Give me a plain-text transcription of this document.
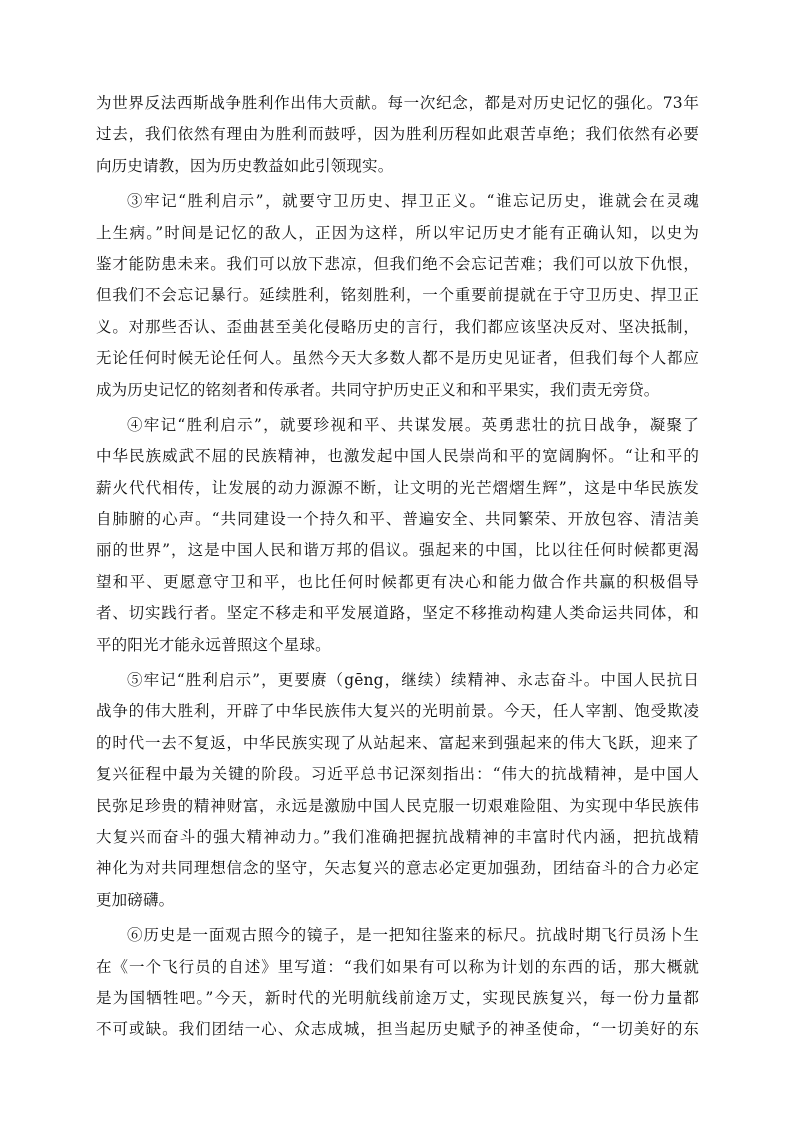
为世界反法西斯战争胜利作出伟大贡献。每一次纪念，都是对历史记忆的强化。73年
过去，我们依然有理由为胜利而鼓呼，因为胜利历程如此艰苦卓绝；我们依然有必要
向历史请教，因为历史教益如此引领现实。
③牢记“胜利启示”，就要守卫历史、捍卫正义。“谁忘记历史，谁就会在灵魂
上生病。”时间是记忆的敌人，正因为这样，所以牢记历史才能有正确认知，以史为
鉴才能防患未来。我们可以放下悲凉，但我们绝不会忘记苦难；我们可以放下仇恨，
但我们不会忘记暴行。延续胜利，铭刻胜利，一个重要前提就在于守卫历史、捍卫正
义。对那些否认、歪曲甚至美化侵略历史的言行，我们都应该坚决反对、坚决抵制，
无论任何时候无论任何人。虽然今天大多数人都不是历史见证者，但我们每个人都应
成为历史记忆的铭刻者和传承者。共同守护历史正义和和平果实，我们责无旁贷。
④牢记“胜利启示”，就要珍视和平、共谋发展。英勇悲壮的抗日战争，凝聚了
中华民族威武不屈的民族精神，也激发起中国人民崇尚和平的宽阔胸怀。“让和平的
薪火代代相传，让发展的动力源源不断，让文明的光芒熠熠生辉”，这是中华民族发
自肺腑的心声。“共同建设一个持久和平、普遍安全、共同繁荣、开放包容、清洁美
丽的世界”，这是中国人民和谐万邦的倡议。强起来的中国，比以往任何时候都更渴
望和平、更愿意守卫和平，也比任何时候都更有决心和能力做合作共赢的积极倡导
者、切实践行者。坚定不移走和平发展道路，坚定不移推动构建人类命运共同体，和
平的阳光才能永远普照这个星球。
⑤牢记“胜利启示”，更要赓（gēng，继续）续精神、永志奋斗。中国人民抗日
战争的伟大胜利，开辟了中华民族伟大复兴的光明前景。今天，任人宰割、饱受欺凌
的时代一去不复返，中华民族实现了从站起来、富起来到强起来的伟大飞跃，迎来了
复兴征程中最为关键的阶段。习近平总书记深刻指出：“伟大的抗战精神，是中国人
民弥足珍贵的精神财富，永远是激励中国人民克服一切艰难险阻、为实现中华民族伟
大复兴而奋斗的强大精神动力。”我们准确把握抗战精神的丰富时代内涵，把抗战精
神化为对共同理想信念的坚守，矢志复兴的意志必定更加强劲，团结奋斗的合力必定
更加磅礴。
⑥历史是一面观古照今的镜子，是一把知往鉴来的标尺。抗战时期飞行员汤卜生
在《一个飞行员的自述》里写道：“我们如果有可以称为计划的东西的话，那大概就
是为国牺牲吧。”今天，新时代的光明航线前途万丈，实现民族复兴，每一份力量都
不可或缺。我们团结一心、众志成城，担当起历史赋予的神圣使命，“一切美好的东
